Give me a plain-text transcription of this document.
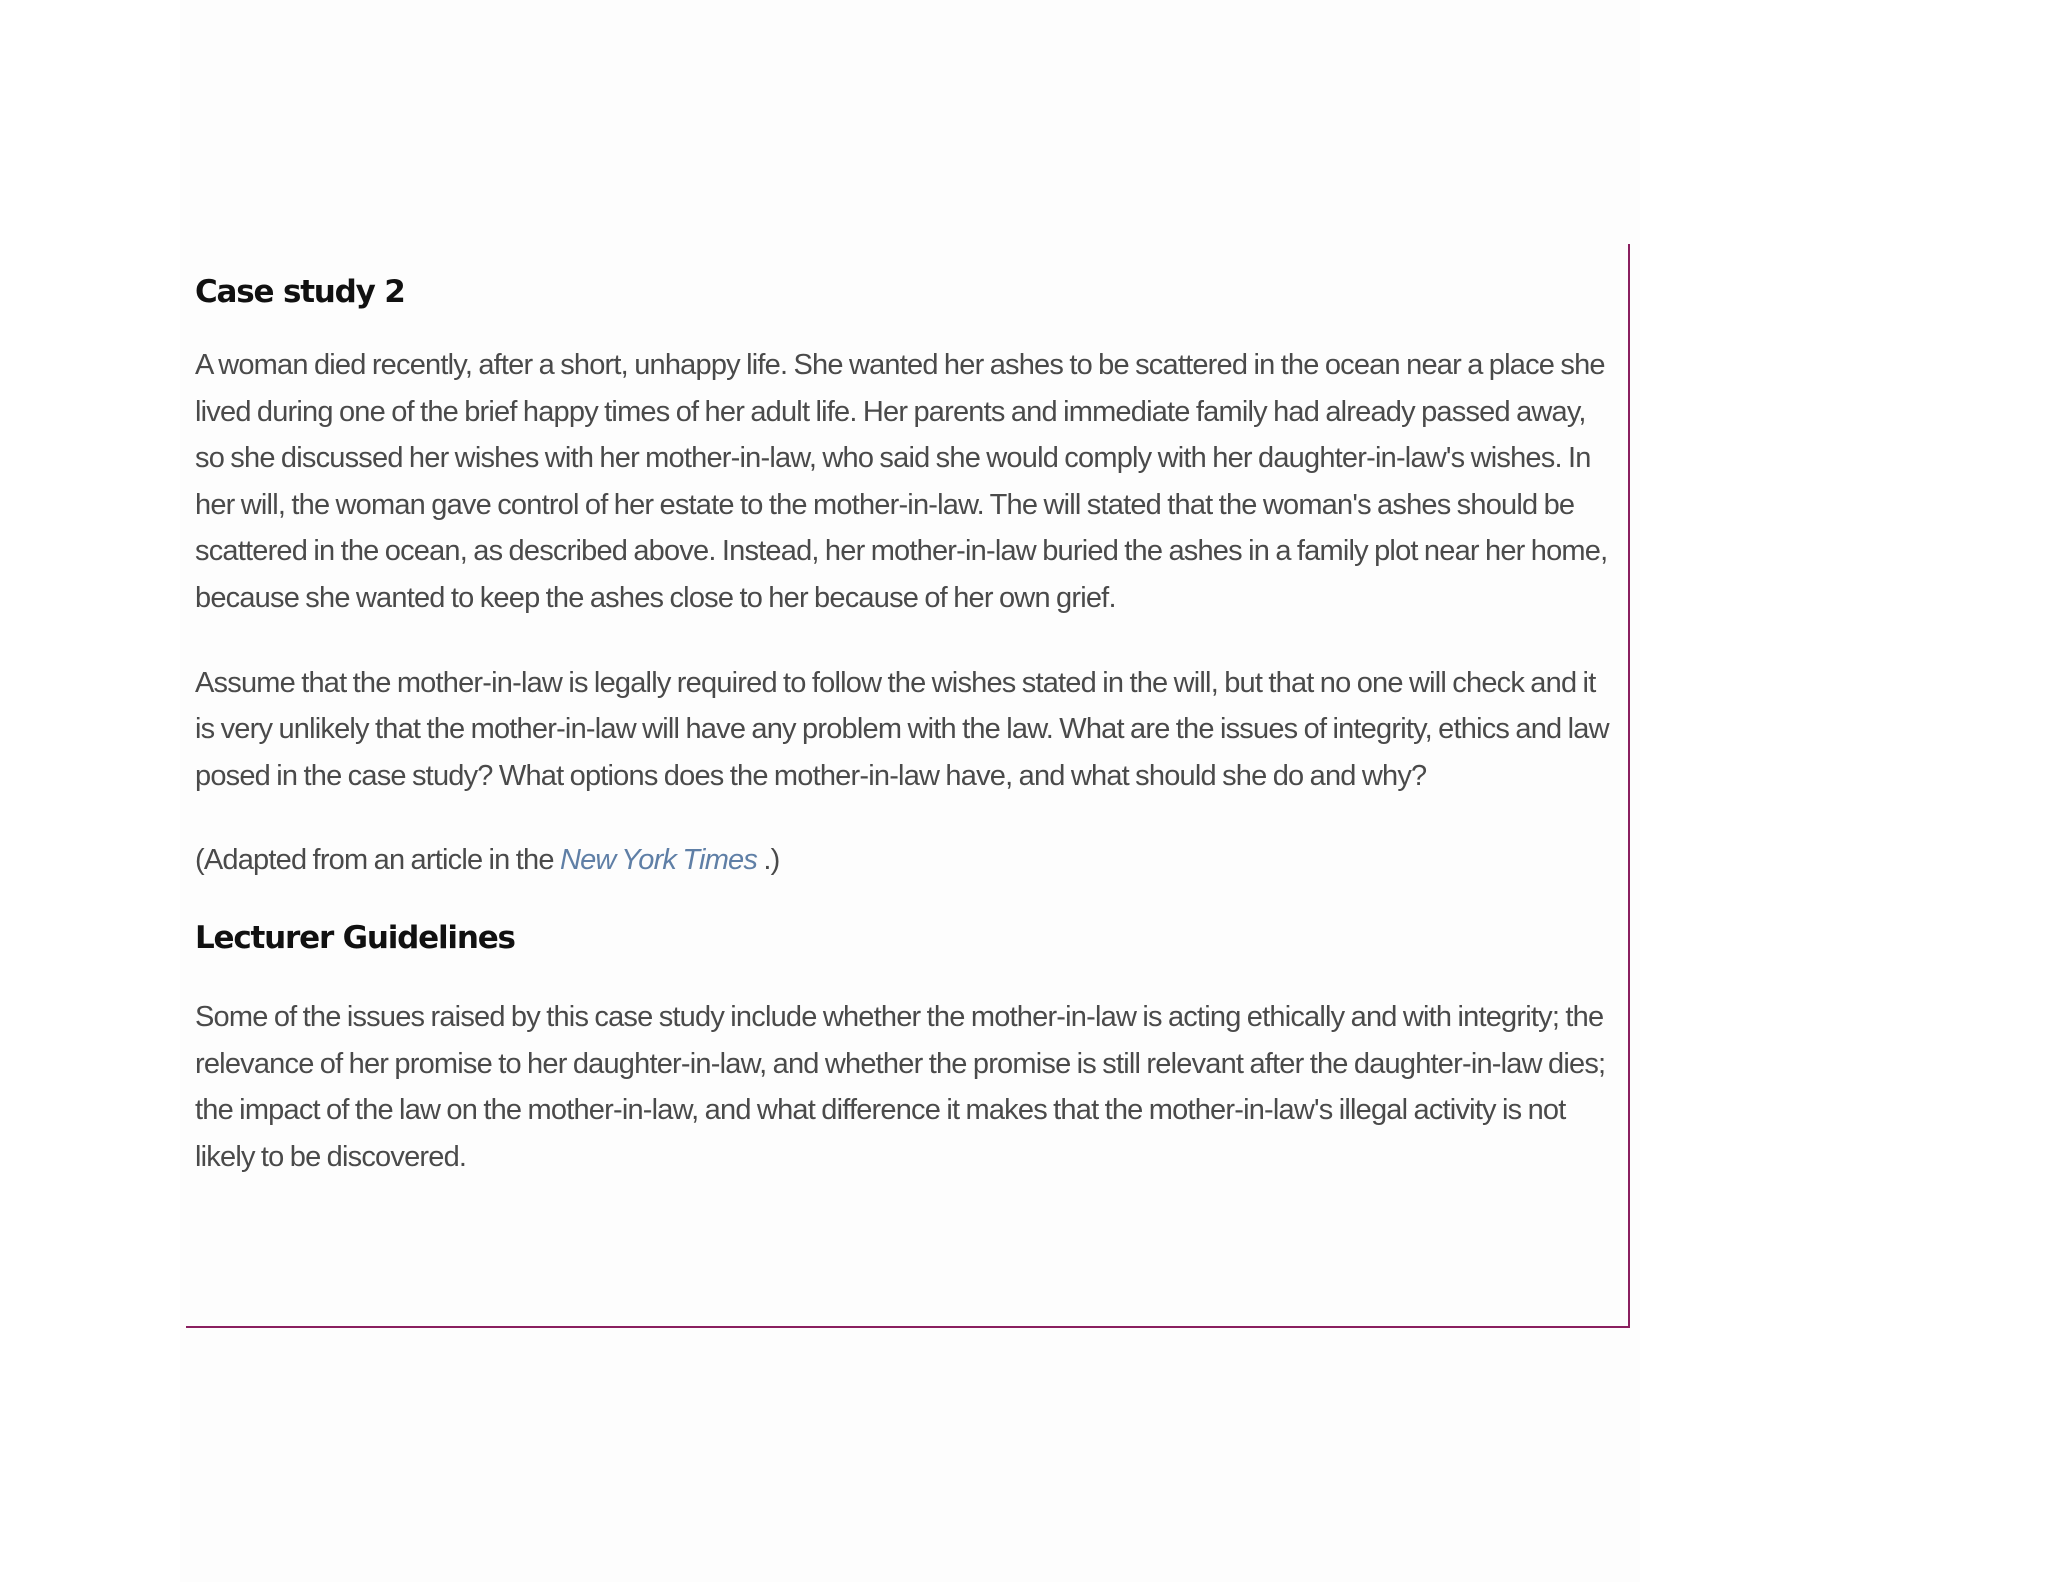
Case study 2

A woman died recently, after a short, unhappy life. She wanted her ashes to be scattered in the ocean near a place she lived during one of the brief happy times of her adult life. Her parents and immediate family had already passed away, so she discussed her wishes with her mother-in-law, who said she would comply with her daughter-in-law's wishes. In her will, the woman gave control of her estate to the mother-in-law. The will stated that the woman's ashes should be scattered in the ocean, as described above. Instead, her mother-in-law buried the ashes in a family plot near her home, because she wanted to keep the ashes close to her because of her own grief.

Assume that the mother-in-law is legally required to follow the wishes stated in the will, but that no one will check and it is very unlikely that the mother-in-law will have any problem with the law. What are the issues of integrity, ethics and law posed in the case study? What options does the mother-in-law have, and what should she do and why?

(Adapted from an article in the New York Times .)

Lecturer Guidelines

Some of the issues raised by this case study include whether the mother-in-law is acting ethically and with integrity; the relevance of her promise to her daughter-in-law, and whether the promise is still relevant after the daughter-in-law dies; the impact of the law on the mother-in-law, and what difference it makes that the mother-in-law's illegal activity is not likely to be discovered.
